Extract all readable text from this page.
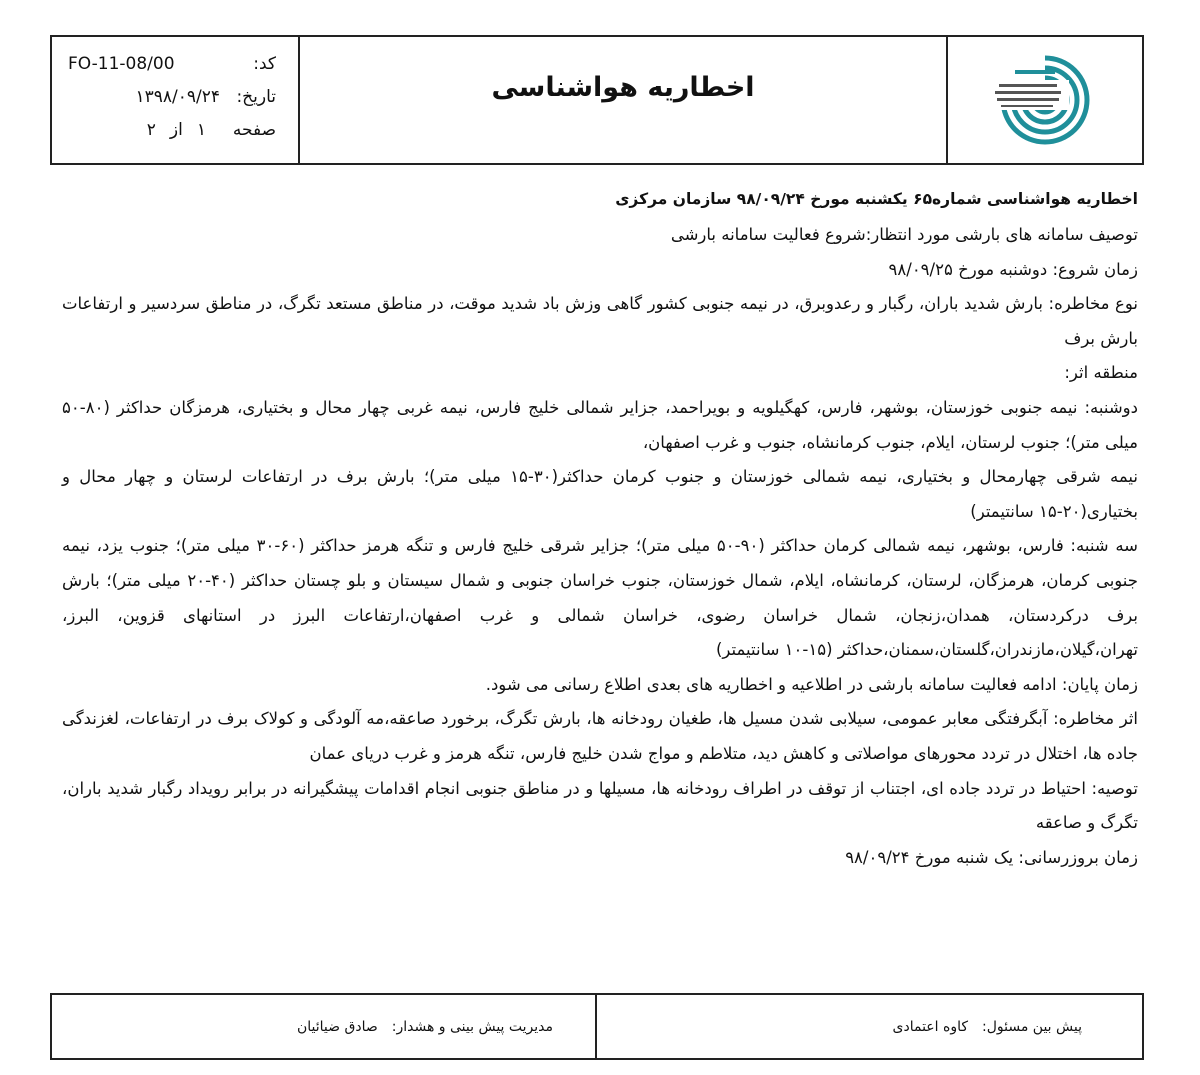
کد:
FO-11-08/00
تاریخ:
۱۳۹۸/۰۹/۲۴
صفحه
۱
از
۲
اخطاریه هواشناسی

اخطاریه هواشناسی شماره۶۵ یکشنبه مورخ ۹۸/۰۹/۲۴ سازمان مرکزی

توصیف سامانه های بارشی مورد انتظار:شروع فعالیت سامانه بارشی

زمان شروع: دوشنبه مورخ ۹۸/۰۹/۲۵

نوع مخاطره: بارش شدید باران، رگبار و رعدوبرق، در نیمه جنوبی کشور گاهی وزش باد شدید موقت، در مناطق مستعد تگرگ، در مناطق سردسیر و ارتفاعات بارش برف

منطقه اثر:

دوشنبه: نیمه جنوبی خوزستان، بوشهر، فارس، کهگیلویه و بویراحمد، جزایر شمالی خلیج فارس، نیمه غربی چهار محال و بختیاری، هرمزگان حداکثر (۸۰-۵۰ میلی متر)؛ جنوب لرستان، ایلام، جنوب کرمانشاه، جنوب و غرب اصفهان،

نیمه شرقی چهارمحال و بختیاری، نیمه شمالی خوزستان و جنوب کرمان حداکثر(۳۰-۱۵ میلی متر)؛ بارش برف در ارتفاعات لرستان و چهار محال و بختیاری(۲۰-۱۵ سانتیمتر)

سه شنبه: فارس، بوشهر، نیمه شمالی کرمان حداکثر (۹۰-۵۰ میلی متر)؛ جزایر شرقی خلیج فارس و تنگه هرمز حداکثر (۶۰-۳۰ میلی متر)؛ جنوب یزد، نیمه جنوبی کرمان، هرمزگان، لرستان، کرمانشاه، ایلام، شمال خوزستان، جنوب خراسان جنوبی و شمال سیستان و بلو چستان حداکثر (۴۰-۲۰ میلی متر)؛ بارش برف درکردستان، همدان،زنجان، شمال خراسان رضوی، خراسان شمالی و غرب اصفهان،ارتفاعات البرز در استانهای قزوین، البرز، تهران،گیلان،مازندران،گلستان،سمنان،حداکثر (۱۵-۱۰ سانتیمتر)

زمان پایان: ادامه فعالیت سامانه بارشی در اطلاعیه و اخطاریه های بعدی اطلاع رسانی می شود.

اثر مخاطره: آبگرفتگی معابر عمومی، سیلابی شدن مسیل ها، طغیان رودخانه ها، بارش تگرگ، برخورد صاعقه،مه آلودگی و کولاک برف در ارتفاعات، لغزندگی جاده ها، اختلال در تردد محورهای مواصلاتی و کاهش دید، متلاطم و مواج شدن خلیج فارس، تنگه هرمز و غرب دریای عمان

توصیه: احتیاط در تردد جاده ای، اجتناب از توقف در اطراف رودخانه ها، مسیلها و در مناطق جنوبی انجام اقدامات پیشگیرانه در برابر رویداد رگبار شدید باران، تگرگ و صاعقه

زمان بروزرسانی: یک شنبه مورخ ۹۸/۰۹/۲۴

پیش بین مسئول:
کاوه اعتمادی
مدیریت پیش بینی و هشدار:
صادق ضیائیان
